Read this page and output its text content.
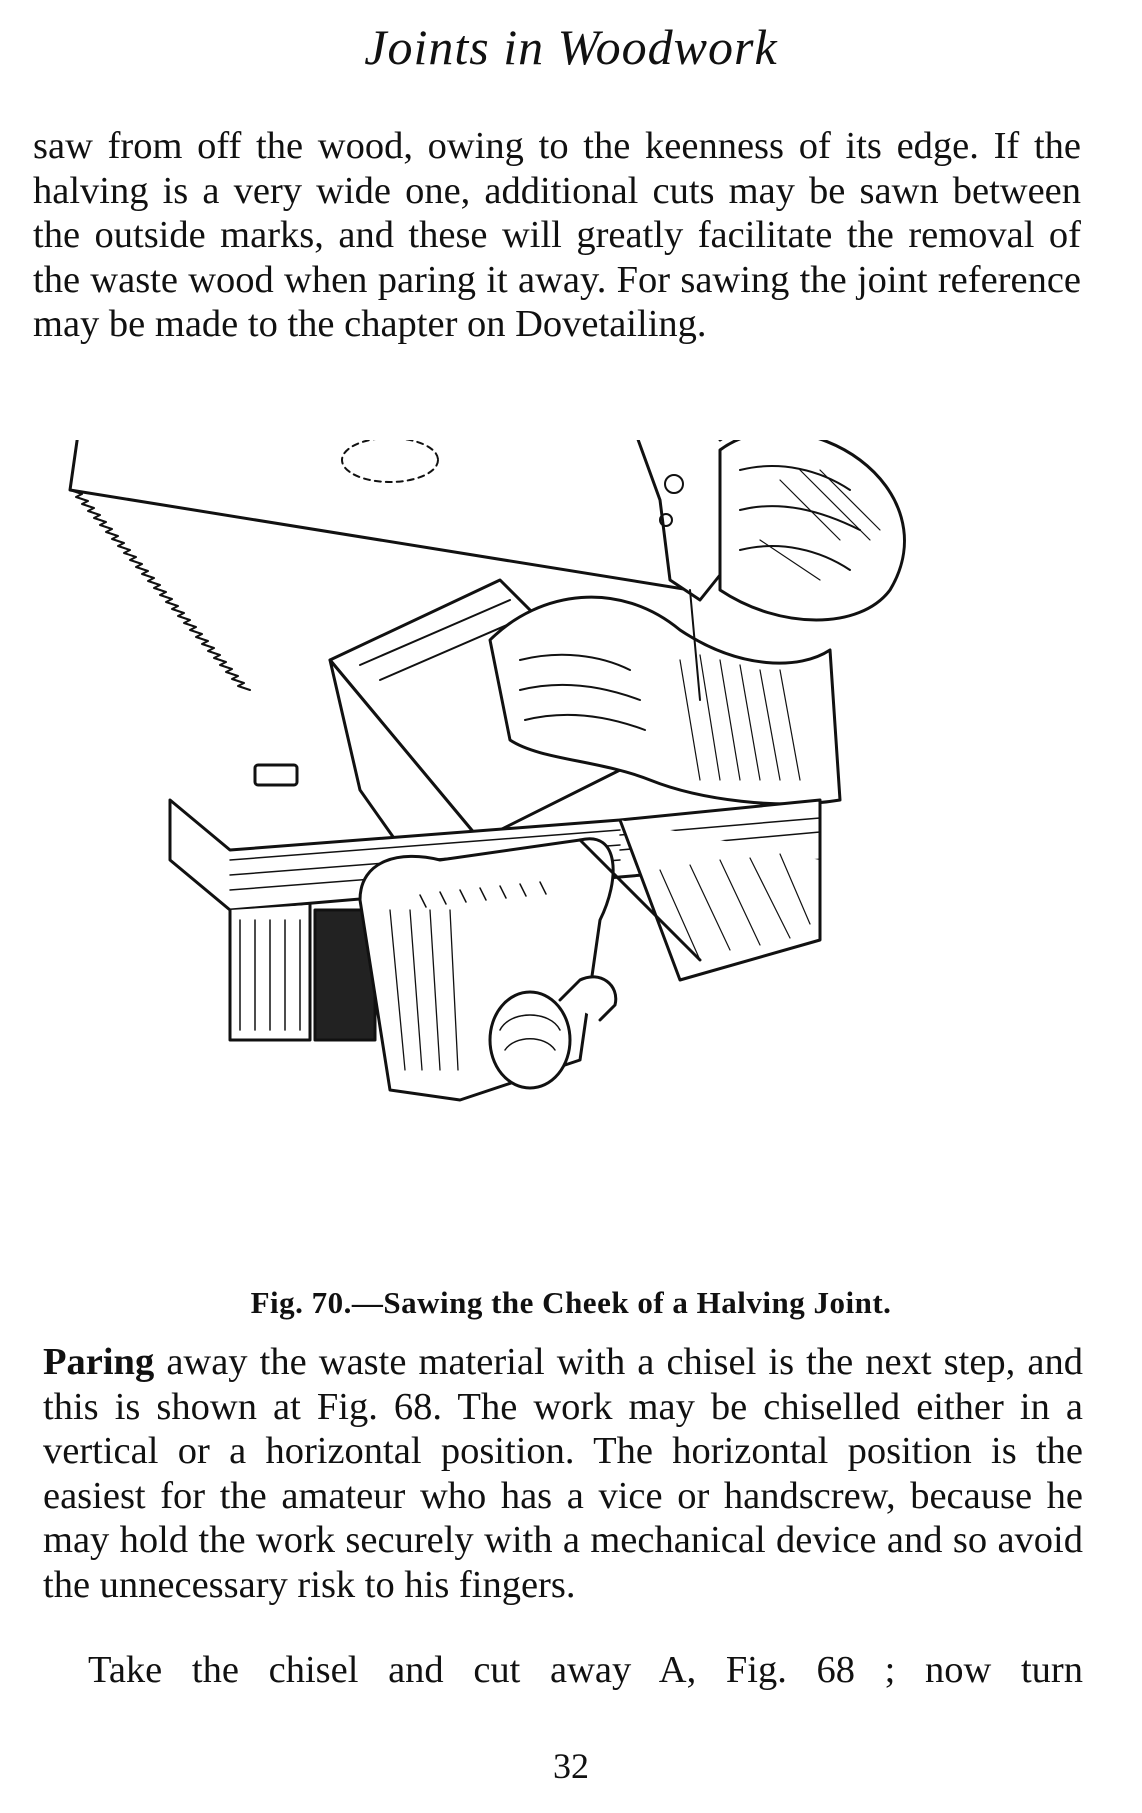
Joints in Woodwork
saw from off the wood, owing to the keenness of its edge. If the halving is a very wide one, additional cuts may be sawn between the outside marks, and these will greatly facilitate the removal of the waste wood when paring it away. For sawing the joint reference may be made to the chapter on Dovetailing.
Fig. 70.—Sawing the Cheek of a Halving Joint.
Paring away the waste material with a chisel is the next step, and this is shown at Fig. 68. The work may be chiselled either in a vertical or a horizontal position. The horizontal position is the easiest for the amateur who has a vice or handscrew, because he may hold the work securely with a mechanical device and so avoid the unnecessary risk to his fingers.
Take the chisel and cut away A, Fig. 68 ; now turn
32
